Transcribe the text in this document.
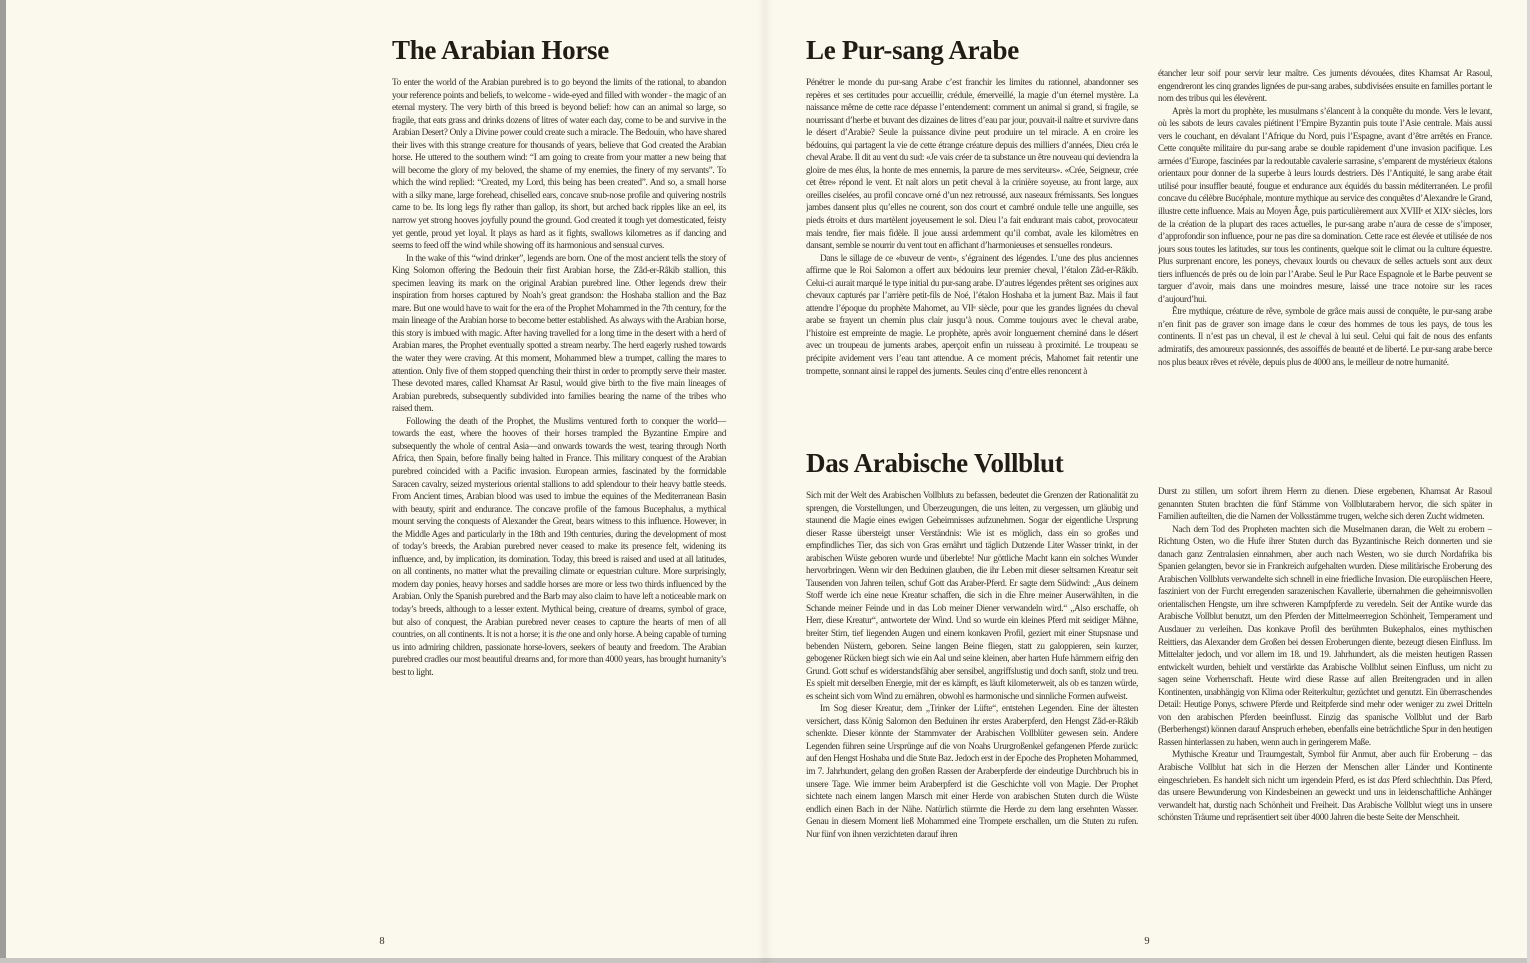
The Arabian Horse

To enter the world of the Arabian purebred is to go beyond the limits of the rational, to abandon your reference points and beliefs, to welcome - wide-eyed and filled with wonder - the magic of an eternal mystery. The very birth of this breed is beyond belief: how can an animal so large, so fragile, that eats grass and drinks dozens of litres of water each day, come to be and survive in the Arabian Desert? Only a Divine power could create such a miracle. The Bedouin, who have shared their lives with this strange creature for thousands of years, believe that God created the Arabian horse. He uttered to the southern wind: “I am going to create from your matter a new being that will become the glory of my beloved, the shame of my enemies, the finery of my servants”. To which the wind replied: “Created, my Lord, this being has been created”. And so, a small horse with a silky mane, large forehead, chiselled ears, concave snub-nose profile and quivering nostrils came to be. Its long legs fly rather than gallop, its short, but arched back ripples like an eel, its narrow yet strong hooves joyfully pound the ground. God created it tough yet domesticated, feisty yet gentle, proud yet loyal. It plays as hard as it fights, swallows kilometres as if dancing and seems to feed off the wind while showing off its harmonious and sensual curves.

In the wake of this “wind drinker”, legends are born. One of the most ancient tells the story of King Solomon offering the Bedouin their first Arabian horse, the Zâd-er-Râkib stallion, this specimen leaving its mark on the original Arabian purebred line. Other legends drew their inspiration from horses captured by Noah’s great grandson: the Hoshaba stallion and the Baz mare. But one would have to wait for the era of the Prophet Mohammed in the 7th century, for the main lineage of the Arabian horse to become better established. As always with the Arabian horse, this story is imbued with magic. After having travelled for a long time in the desert with a herd of Arabian mares, the Prophet eventually spotted a stream nearby. The herd eagerly rushed towards the water they were craving. At this moment, Mohammed blew a trumpet, calling the mares to attention. Only five of them stopped quenching their thirst in order to promptly serve their master. These devoted mares, called Khamsat Ar Rasul, would give birth to the five main lineages of Arabian purebreds, subsequently subdivided into families bearing the name of the tribes who raised them.

Following the death of the Prophet, the Muslims ventured forth to conquer the world—towards the east, where the hooves of their horses trampled the Byzantine Empire and subsequently the whole of central Asia—and onwards towards the west, tearing through North Africa, then Spain, before finally being halted in France. This military conquest of the Arabian purebred coincided with a Pacific invasion. European armies, fascinated by the formidable Saracen cavalry, seized mysterious oriental stallions to add splendour to their heavy battle steeds. From Ancient times, Arabian blood was used to imbue the equines of the Mediterranean Basin with beauty, spirit and endurance. The concave profile of the famous Bucephalus, a mythical mount serving the conquests of Alexander the Great, bears witness to this influence. However, in the Middle Ages and particularly in the 18th and 19th centuries, during the development of most of today’s breeds, the Arabian purebred never ceased to make its presence felt, widening its influence, and, by implication, its domination. Today, this breed is raised and used at all latitudes, on all continents, no matter what the prevailing climate or equestrian culture. More surprisingly, modern day ponies, heavy horses and saddle horses are more or less two thirds influenced by the Arabian. Only the Spanish purebred and the Barb may also claim to have left a noticeable mark on today’s breeds, although to a lesser extent. Mythical being, creature of dreams, symbol of grace, but also of conquest, the Arabian purebred never ceases to capture the hearts of men of all countries, on all continents. It is not a horse; it is the one and only horse. A being capable of turning us into admiring children, passionate horse-lovers, seekers of beauty and freedom. The Arabian purebred cradles our most beautiful dreams and, for more than 4000 years, has brought humanity’s best to light.

Le Pur-sang Arabe

Pénétrer le monde du pur-sang Arabe c’est franchir les limites du rationnel, abandonner ses repères et ses certitudes pour accueillir, crédule, émerveillé, la magie d’un éternel mystère. La naissance même de cette race dépasse l’entendement: comment un animal si grand, si fragile, se nourrissant d’herbe et buvant des dizaines de litres d’eau par jour, pouvait-il naître et survivre dans le désert d’Arabie? Seule la puissance divine peut produire un tel miracle. A en croire les bédouins, qui partagent la vie de cette étrange créature depuis des milliers d’années, Dieu créa le cheval Arabe. Il dit au vent du sud: «Je vais créer de ta substance un être nouveau qui deviendra la gloire de mes élus, la honte de mes ennemis, la parure de mes serviteurs». «Crée, Seigneur, crée cet être» répond le vent. Et naît alors un petit cheval à la crinière soyeuse, au front large, aux oreilles ciselées, au profil concave orné d’un nez retroussé, aux naseaux frémissants. Ses longues jambes dansent plus qu’elles ne courent, son dos court et cambré ondule telle une anguille, ses pieds étroits et durs martèlent joyeusement le sol. Dieu l’a fait endurant mais cabot, provocateur mais tendre, fier mais fidèle. Il joue aussi ardemment qu’il combat, avale les kilomètres en dansant, semble se nourrir du vent tout en affichant d’harmonieuses et sensuelles rondeurs.

Dans le sillage de ce «buveur de vent», s’égrainent des légendes. L’une des plus anciennes affirme que le Roi Salomon a offert aux bédouins leur premier cheval, l’étalon Zâd-er-Râkib. Celui-ci aurait marqué le type initial du pur-sang arabe. D’autres légendes prêtent ses origines aux chevaux capturés par l’arrière petit-fils de Noé, l’étalon Hoshaba et la jument Baz. Mais il faut attendre l’époque du prophète Mahomet, au VIIᵉ siècle, pour que les grandes lignées du cheval arabe se frayent un chemin plus clair jusqu’à nous. Comme toujours avec le cheval arabe, l’histoire est empreinte de magie. Le prophète, après avoir longuement cheminé dans le désert avec un troupeau de juments arabes, aperçoit enfin un ruisseau à proximité. Le troupeau se précipite avidement vers l’eau tant attendue. A ce moment précis, Mahomet fait retentir une trompette, sonnant ainsi le rappel des juments. Seules cinq d’entre elles renoncent à

étancher leur soif pour servir leur maître. Ces juments dévouées, dites Khamsat Ar Rasoul, engendreront les cinq grandes lignées de pur-sang arabes, subdivisées ensuite en familles portant le nom des tribus qui les élevèrent.

Après la mort du prophète, les musulmans s’élancent à la conquête du monde. Vers le levant, où les sabots de leurs cavales piétinent l’Empire Byzantin puis toute l’Asie centrale. Mais aussi vers le couchant, en dévalant l’Afrique du Nord, puis l’Espagne, avant d’être arrêtés en France. Cette conquête militaire du pur-sang arabe se double rapidement d’une invasion pacifique. Les armées d’Europe, fascinées par la redoutable cavalerie sarrasine, s’emparent de mystérieux étalons orientaux pour donner de la superbe à leurs lourds destriers. Dès l’Antiquité, le sang arabe était utilisé pour insuffler beauté, fougue et endurance aux équidés du bassin méditerranéen. Le profil concave du célèbre Bucéphale, monture mythique au service des conquêtes d’Alexandre le Grand, illustre cette influence. Mais au Moyen Âge, puis particulièrement aux XVIIIᵉ et XIXᵉ siècles, lors de la création de la plupart des races actuelles, le pur-sang arabe n’aura de cesse de s’imposer, d’approfondir son influence, pour ne pas dire sa domination. Cette race est élevée et utilisée de nos jours sous toutes les latitudes, sur tous les continents, quelque soit le climat ou la culture équestre. Plus surprenant encore, les poneys, chevaux lourds ou chevaux de selles actuels sont aux deux tiers influencés de près ou de loin par l’Arabe. Seul le Pur Race Espagnole et le Barbe peuvent se targuer d’avoir, mais dans une moindres mesure, laissé une trace notoire sur les races d’aujourd’hui.

Être mythique, créature de rêve, symbole de grâce mais aussi de conquête, le pur-sang arabe n’en finit pas de graver son image dans le cœur des hommes de tous les pays, de tous les continents. Il n’est pas un cheval, il est le cheval à lui seul. Celui qui fait de nous des enfants admiratifs, des amoureux passionnés, des assoiffés de beauté et de liberté. Le pur-sang arabe berce nos plus beaux rêves et révèle, depuis plus de 4000 ans, le meilleur de notre humanité.

Das Arabische Vollblut

Sich mit der Welt des Arabischen Vollbluts zu befassen, bedeutet die Grenzen der Rationalität zu sprengen, die Vorstellungen, und Überzeugungen, die uns leiten, zu vergessen, um gläubig und staunend die Magie eines ewigen Geheimnisses aufzunehmen. Sogar der eigentliche Ursprung dieser Rasse übersteigt unser Verständnis: Wie ist es möglich, dass ein so großes und empfindliches Tier, das sich von Gras ernährt und täglich Dutzende Liter Wasser trinkt, in der arabischen Wüste geboren wurde und überlebte! Nur göttliche Macht kann ein solches Wunder hervorbringen. Wenn wir den Beduinen glauben, die ihr Leben mit dieser seltsamen Kreatur seit Tausenden von Jahren teilen, schuf Gott das Araber-Pferd. Er sagte dem Südwind: „Aus deinem Stoff werde ich eine neue Kreatur schaffen, die sich in die Ehre meiner Auserwählten, in die Schande meiner Feinde und in das Lob meiner Diener verwandeln wird.“ „Also erschaffe, oh Herr, diese Kreatur“, antwortete der Wind. Und so wurde ein kleines Pferd mit seidiger Mähne, breiter Stirn, tief liegenden Augen und einem konkaven Profil, geziert mit einer Stupsnase und bebenden Nüstern, geboren. Seine langen Beine fliegen, statt zu galoppieren, sein kurzer, gebogener Rücken biegt sich wie ein Aal und seine kleinen, aber harten Hufe hämmern eifrig den Grund. Gott schuf es widerstandsfähig aber sensibel, angriffslustig und doch sanft, stolz und treu. Es spielt mit derselben Energie, mit der es kämpft, es läuft kilometerweit, als ob es tanzen würde, es scheint sich vom Wind zu ernähren, obwohl es harmonische und sinnliche Formen aufweist.

Im Sog dieser Kreatur, dem „Trinker der Lüfte“, entstehen Legenden. Eine der ältesten versichert, dass König Salomon den Beduinen ihr erstes Araberpferd, den Hengst Zâd-er-Râkib schenkte. Dieser könnte der Stammvater der Arabischen Vollblüter gewesen sein. Andere Legenden führen seine Ursprünge auf die von Noahs Ururgroßenkel gefangenen Pferde zurück: auf den Hengst Hoshaba und die Stute Baz. Jedoch erst in der Epoche des Propheten Mohammed, im 7. Jahrhundert, gelang den großen Rassen der Araberpferde der eindeutige Durchbruch bis in unsere Tage. Wie immer beim Araberpferd ist die Geschichte voll von Magie. Der Prophet sichtete nach einem langen Marsch mit einer Herde von arabischen Stuten durch die Wüste endlich einen Bach in der Nähe. Natürlich stürmte die Herde zu dem lang ersehnten Wasser. Genau in diesem Moment ließ Mohammed eine Trompete erschallen, um die Stuten zu rufen. Nur fünf von ihnen verzichteten darauf ihren

Durst zu stillen, um sofort ihrem Herrn zu dienen. Diese ergebenen, Khamsat Ar Rasoul genannten Stuten brachten die fünf Stämme von Vollblutarabern hervor, die sich später in Familien aufteilten, die die Namen der Volksstämme trugen, welche sich deren Zucht widmeten.

Nach dem Tod des Propheten machten sich die Muselmanen daran, die Welt zu erobern – Richtung Osten, wo die Hufe ihrer Stuten durch das Byzantinische Reich donnerten und sie danach ganz Zentralasien einnahmen, aber auch nach Westen, wo sie durch Nordafrika bis Spanien gelangten, bevor sie in Frankreich aufgehalten wurden. Diese militärische Eroberung des Arabischen Vollbluts verwandelte sich schnell in eine friedliche Invasion. Die europäischen Heere, fasziniert von der Furcht erregenden sarazenischen Kavallerie, übernahmen die geheimnisvollen orientalischen Hengste, um ihre schweren Kampfpferde zu veredeln. Seit der Antike wurde das Arabische Vollblut benutzt, um den Pferden der Mittelmeerregion Schönheit, Temperament und Ausdauer zu verleihen. Das konkave Profil des berühmten Bukephalos, eines mythischen Reittiers, das Alexander dem Großen bei dessen Eroberungen diente, bezeugt diesen Einfluss. Im Mittelalter jedoch, und vor allem im 18. und 19. Jahrhundert, als die meisten heutigen Rassen entwickelt wurden, behielt und verstärkte das Arabische Vollblut seinen Einfluss, um nicht zu sagen seine Vorherrschaft. Heute wird diese Rasse auf allen Breitengraden und in allen Kontinenten, unabhängig von Klima oder Reiterkultur, gezüchtet und genutzt. Ein überraschendes Detail: Heutige Ponys, schwere Pferde und Reitpferde sind mehr oder weniger zu zwei Dritteln von den arabischen Pferden beeinflusst. Einzig das spanische Vollblut und der Barb (Berberhengst) können darauf Anspruch erheben, ebenfalls eine beträchtliche Spur in den heutigen Rassen hinterlassen zu haben, wenn auch in geringerem Maße.

Mythische Kreatur und Traumgestalt, Symbol für Anmut, aber auch für Eroberung – das Arabische Vollblut hat sich in die Herzen der Menschen aller Länder und Kontinente eingeschrieben. Es handelt sich nicht um irgendein Pferd, es ist das Pferd schlechthin. Das Pferd, das unsere Bewunderung von Kindesbeinen an geweckt und uns in leidenschaftliche Anhänger verwandelt hat, durstig nach Schönheit und Freiheit. Das Arabische Vollblut wiegt uns in unsere schönsten Träume und repräsentiert seit über 4000 Jahren die beste Seite der Menschheit.

8	9
